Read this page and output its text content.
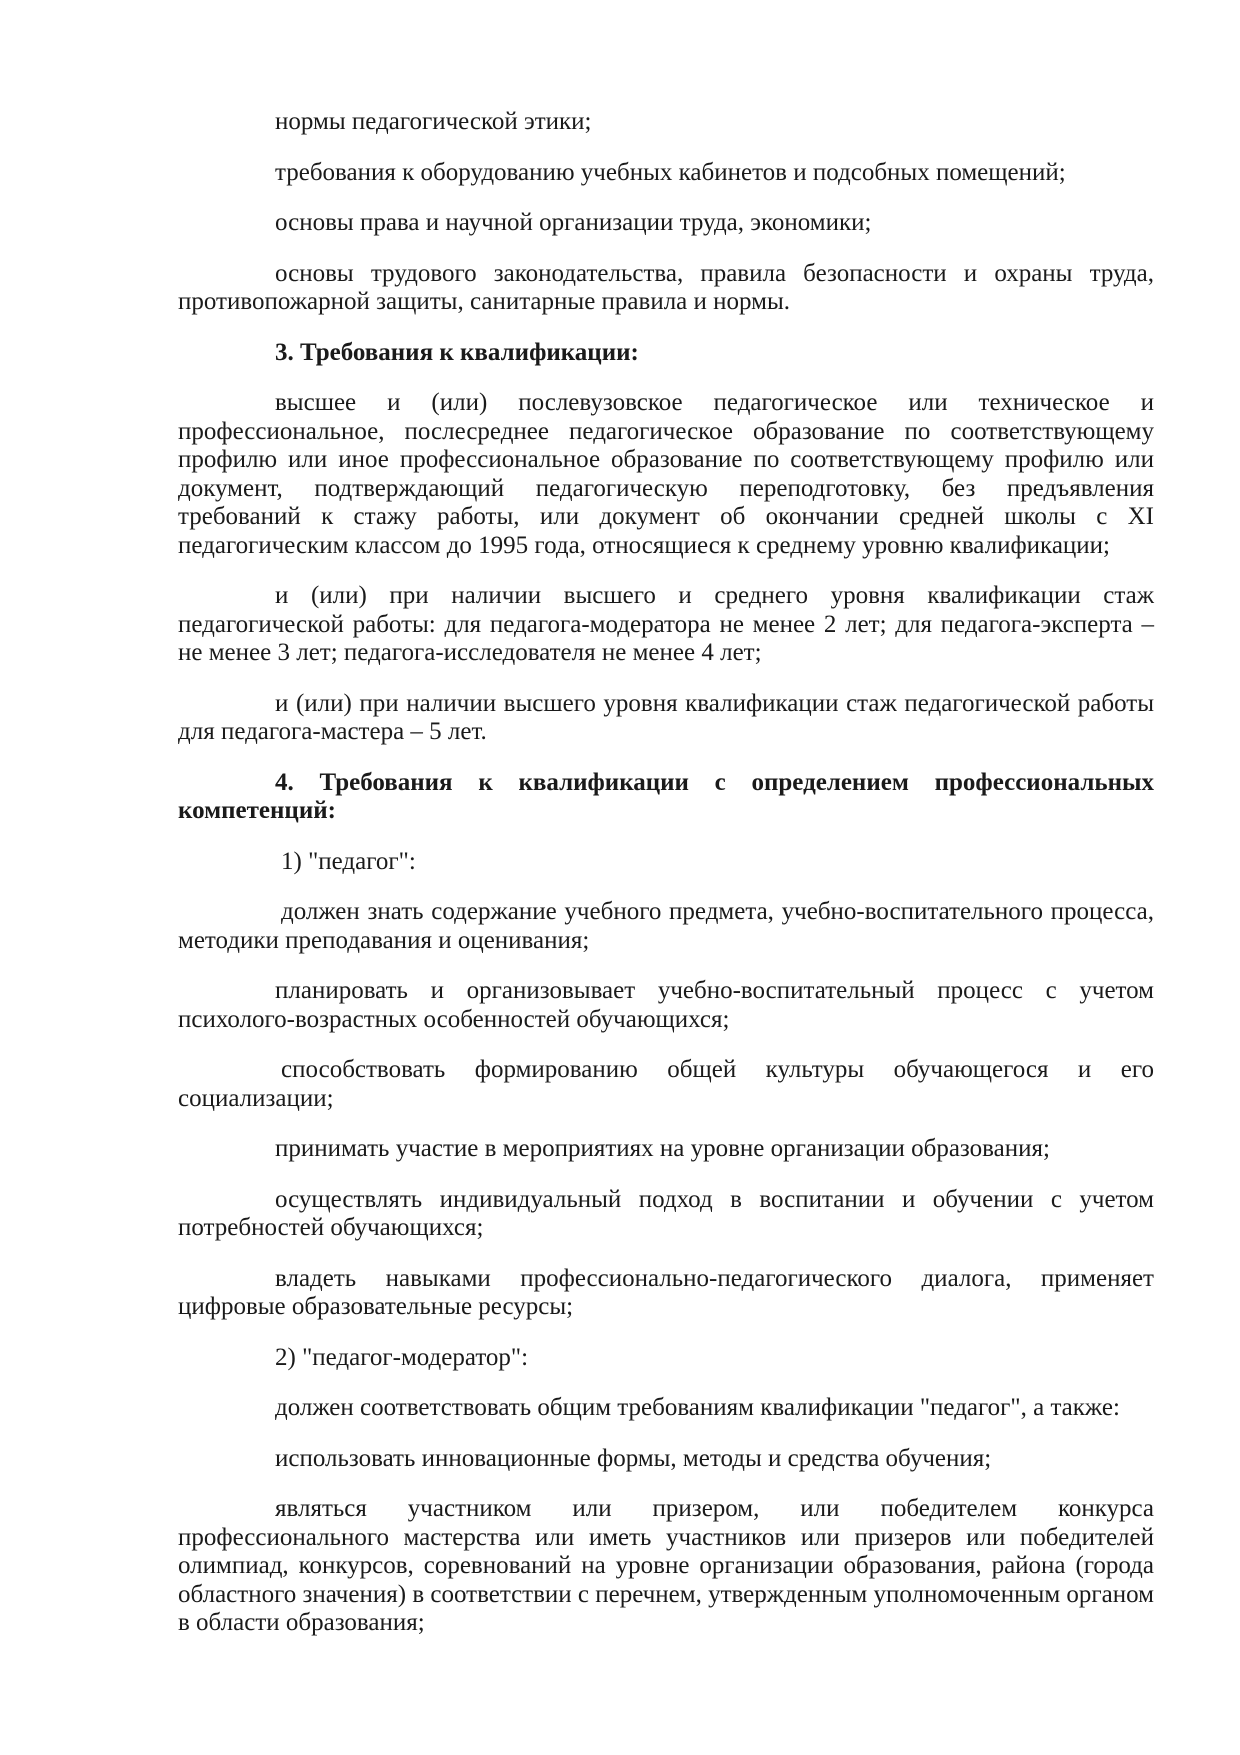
нормы педагогической этики;

требования к оборудованию учебных кабинетов и подсобных помещений;

основы права и научной организации труда, экономики;

основы трудового законодательства, правила безопасности и охраны труда, противопожарной защиты, санитарные правила и нормы.

3. Требования к квалификации:

высшее и (или) послевузовское педагогическое или техническое и профессиональное, послесреднее педагогическое образование по соответствующему профилю или иное профессиональное образование по соответствующему профилю или документ, подтверждающий педагогическую переподготовку, без предъявления требований к стажу работы, или документ об окончании средней школы с XI педагогическим классом до 1995 года, относящиеся к среднему уровню квалификации;

и (или) при наличии высшего и среднего уровня квалификации стаж педагогической работы: для педагога-модератора не менее 2 лет; для педагога-эксперта – не менее 3 лет; педагога-исследователя не менее 4 лет;

и (или) при наличии высшего уровня квалификации стаж педагогической работы для педагога-мастера – 5 лет.

4. Требования к квалификации с определением профессиональных компетенций:

1) "педагог":

должен знать содержание учебного предмета, учебно-воспитательного процесса, методики преподавания и оценивания;

планировать и организовывает учебно-воспитательный процесс с учетом психолого-возрастных особенностей обучающихся;

способствовать формированию общей культуры обучающегося и его социализации;

принимать участие в мероприятиях на уровне организации образования;

осуществлять индивидуальный подход в воспитании и обучении с учетом потребностей обучающихся;

владеть навыками профессионально-педагогического диалога, применяет цифровые образовательные ресурсы;

2) "педагог-модератор":

должен соответствовать общим требованиям квалификации "педагог", а также:

использовать инновационные формы, методы и средства обучения;

являться участником или призером, или победителем конкурса профессионального мастерства или иметь участников или призеров или победителей олимпиад, конкурсов, соревнований на уровне организации образования, района (города областного значения) в соответствии с перечнем, утвержденным уполномоченным органом в области образования;
